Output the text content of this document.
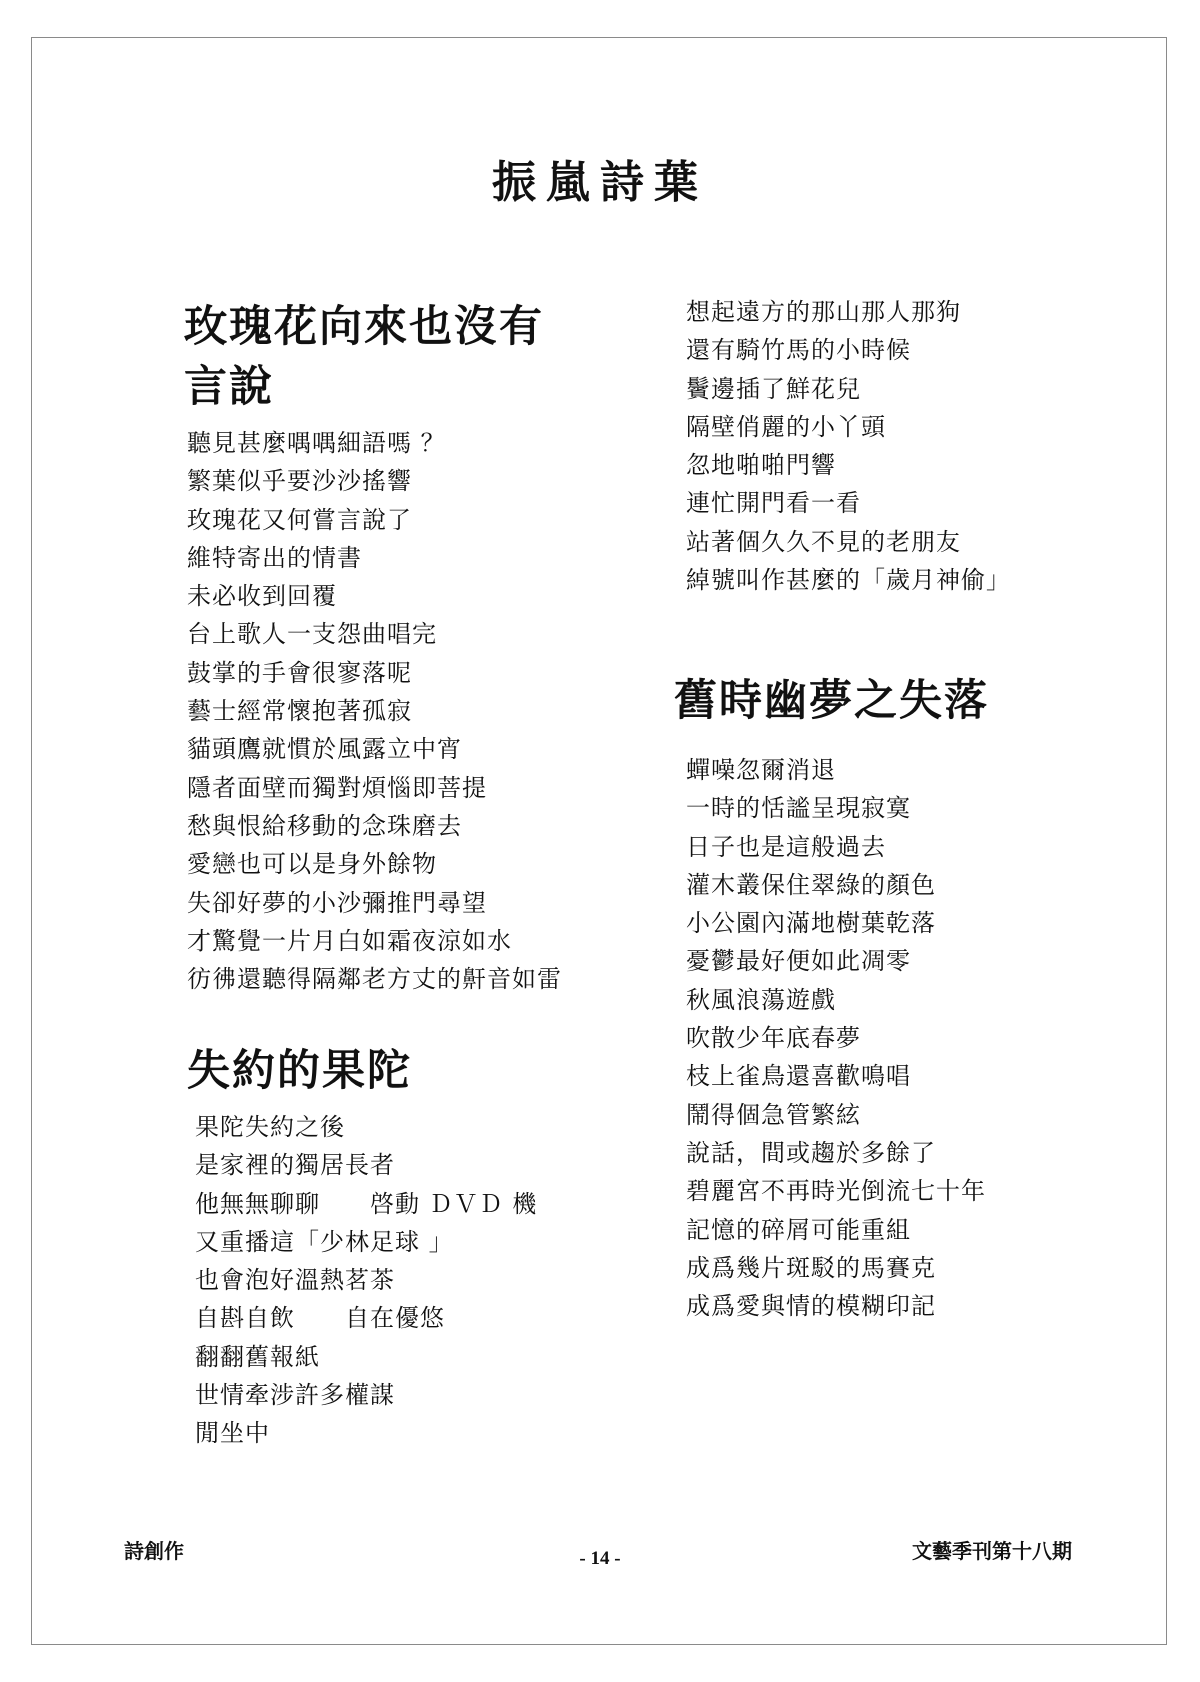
振嵐詩葉
玫瑰花向來也沒有
言說
聽見甚麼喁喁細語嗎 ？
繁葉似乎要沙沙搖響
玫瑰花又何嘗言說了
維特寄出的情書
未必收到回覆
台上歌人一支怨曲唱完
鼓掌的手會很寥落呢
藝士經常懷抱著孤寂
貓頭鷹就慣於風露立中宵
隱者面壁而獨對煩惱即菩提
愁與恨給移動的念珠磨去
愛戀也可以是身外餘物
失卻好夢的小沙彌推門尋望
才驚覺一片月白如霜夜涼如水
彷彿還聽得隔鄰老方丈的鼾音如雷
失約的果陀
果陀失約之後
是家裡的獨居長者
他無無聊聊　　啓動 ＤＶＤ 機
又重播這「少林足球 」
也會泡好溫熱茗茶
自斟自飲　　自在優悠
翻翻舊報紙
世情牽涉許多權謀
閒坐中
想起遠方的那山那人那狗
還有騎竹馬的小時候
鬢邊插了鮮花兒
隔壁俏麗的小丫頭
忽地啪啪門響
連忙開門看一看
站著個久久不見的老朋友
綽號叫作甚麼的「歲月神偷」
舊時幽夢之失落
蟬噪忽爾消退
一時的恬謐呈現寂寞
日子也是這般過去
灌木叢保住翠綠的顏色
小公園內滿地樹葉乾落
憂鬱最好便如此凋零
秋風浪蕩遊戲
吹散少年底春夢
枝上雀鳥還喜歡鳴唱
鬧得個急管繁絃
說話，間或趨於多餘了
碧麗宮不再時光倒流七十年
記憶的碎屑可能重組
成爲幾片斑駁的馬賽克
成爲愛與情的模糊印記
詩創作	- 14 -	文藝季刊第十八期
